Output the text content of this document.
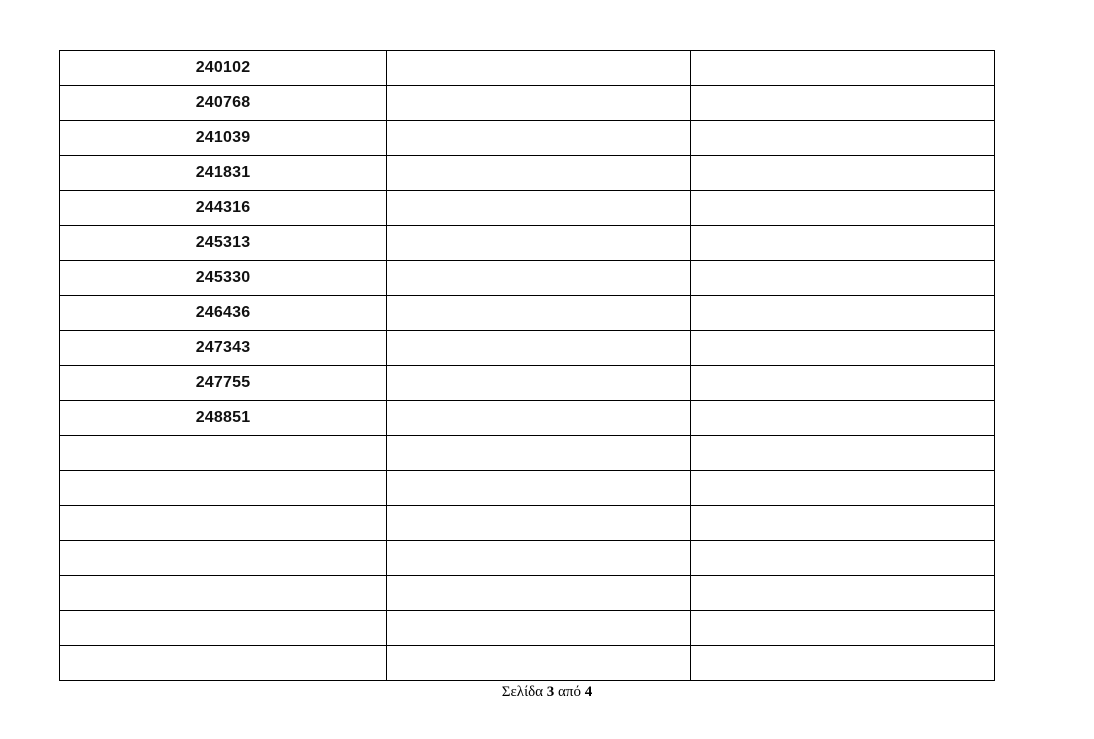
240102		
240768		
241039		
241831		
244316		
245313		
245330		
246436		
247343		
247755		
248851		

Σελίδα 3 από 4
